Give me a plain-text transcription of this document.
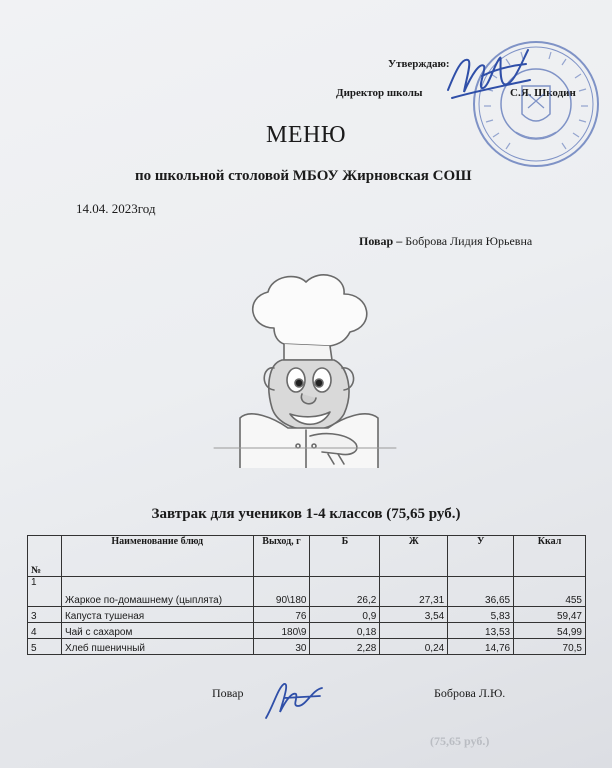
Утверждаю:
Директор школы	С.Я. Шкодин
МЕНЮ
по школьной столовой МБОУ Жирновская СОШ
14.04. 2023год
Повар – Боброва Лидия Юрьевна
Завтрак для учеников 1-4 классов (75,65 руб.)
№	Наименование блюд	Выход, г	Б	Ж	У	Ккал
1	Жаркое по-домашнему (цыплята)	90\180	26,2	27,31	36,65	455
3	Капуста тушеная	76	0,9	3,54	5,83	59,47
4	Чай с сахаром	180\9	0,18		13,53	54,99
5	Хлеб пшеничный	30	2,28	0,24	14,76	70,5
Повар	Боброва Л.Ю.
(75,65 руб.)
